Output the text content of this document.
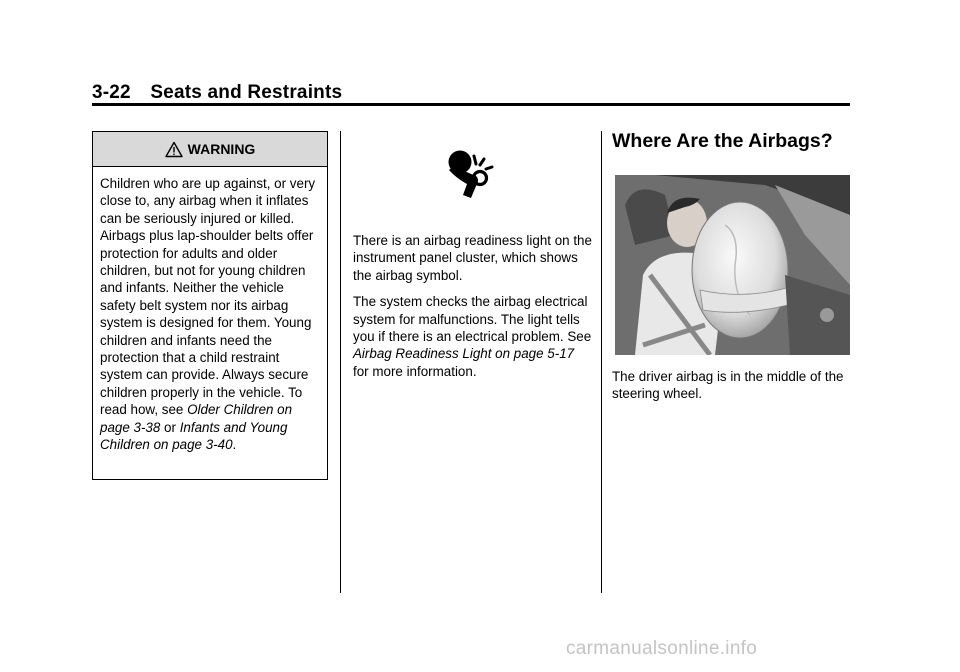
3-22 Seats and Restraints
WARNING
Children who are up against, or very close to, any airbag when it inflates can be seriously injured or killed. Airbags plus lap-shoulder belts offer protection for adults and older children, but not for young children and infants. Neither the vehicle safety belt system nor its airbag system is designed for them. Young children and infants need the protection that a child restraint system can provide. Always secure children properly in the vehicle. To read how, see Older Children on page 3-38 or Infants and Young Children on page 3-40.

There is an airbag readiness light on the instrument panel cluster, which shows the airbag symbol.

The system checks the airbag electrical system for malfunctions. The light tells you if there is an electrical problem. See Airbag Readiness Light on page 5-17 for more information.

Where Are the Airbags?

The driver airbag is in the middle of the steering wheel.

carmanualsonline.info
